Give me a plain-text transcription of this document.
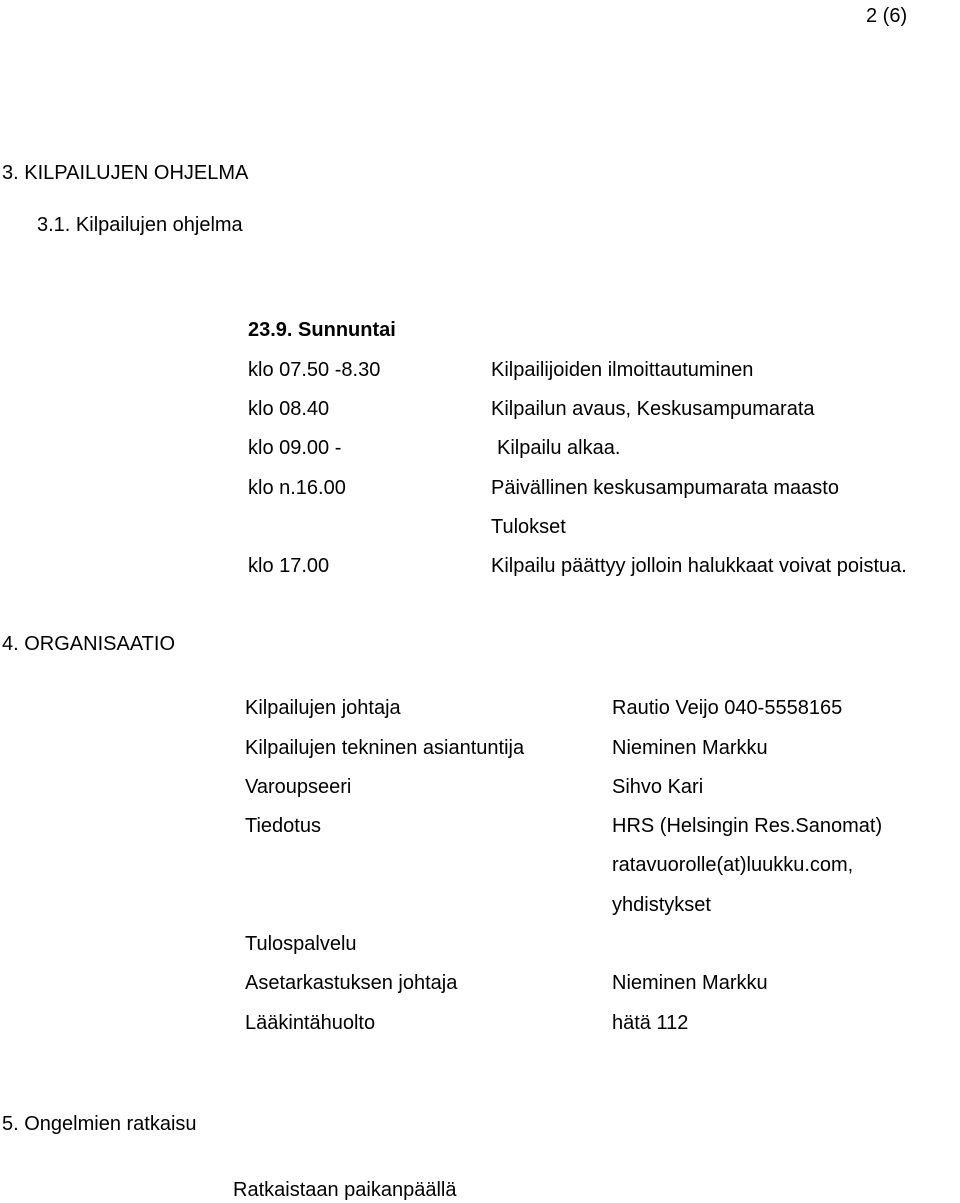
2 (6)
3. KILPAILUJEN OHJELMA
3.1. Kilpailujen ohjelma
23.9. Sunnuntai
klo 07.50 -8.30	Kilpailijoiden ilmoittautuminen
klo 08.40	Kilpailun avaus, Keskusampumarata
klo 09.00 -	Kilpailu alkaa.
klo n.16.00	Päivällinen keskusampumarata maasto
Tulokset
klo 17.00	Kilpailu päättyy jolloin halukkaat voivat poistua.
4. ORGANISAATIO
Kilpailujen johtaja	Rautio Veijo 040-5558165
Kilpailujen tekninen asiantuntija	Nieminen Markku
Varoupseeri	Sihvo Kari
Tiedotus	HRS (Helsingin Res.Sanomat)
ratavuorolle(at)luukku.com,
yhdistykset
Tulospalvelu
Asetarkastuksen johtaja	Nieminen Markku
Lääkintähuolto	hätä 112
5. Ongelmien ratkaisu
Ratkaistaan paikanpäällä
